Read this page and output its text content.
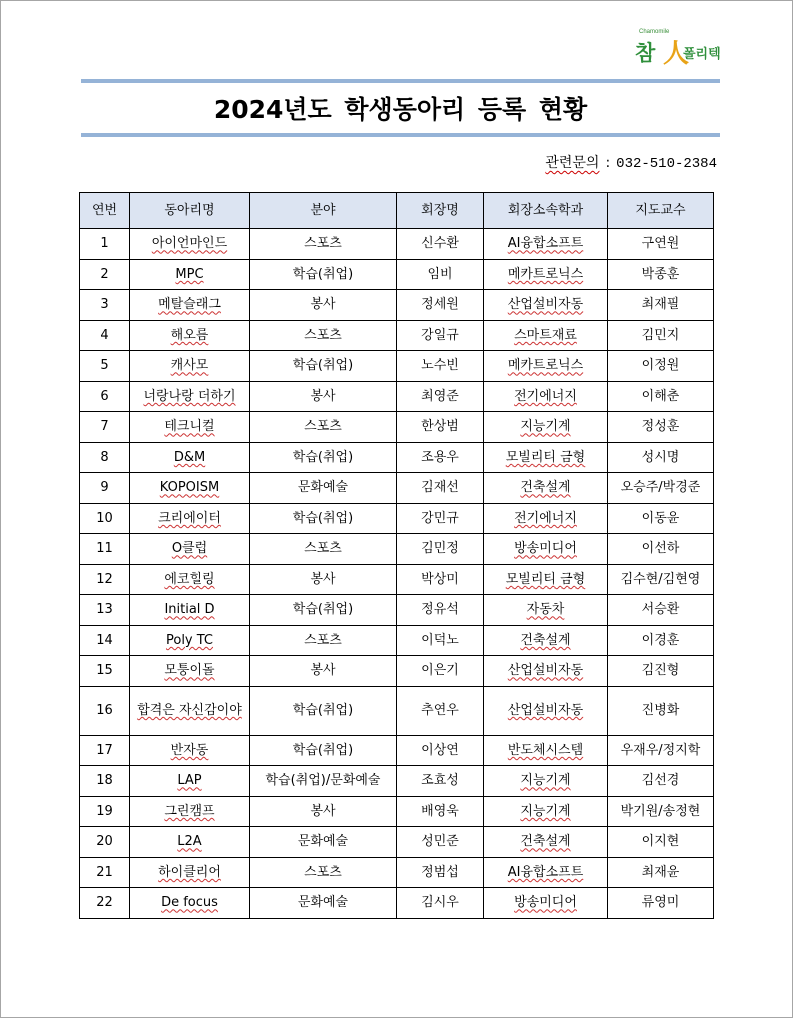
Chamomile
참 人
폴리텍
2024년도 학생동아리 등록 현황
관련문의 : 032-510-2384
연번	동아리명	분야	회장명	회장소속학과	지도교수
1	아이언마인드	스포츠	신수환	AI융합소프트	구연원
2	MPC	학습(취업)	임비	메카트로닉스	박종훈
3	메탈슬래그	봉사	정세원	산업설비자동	최재필
4	해오름	스포츠	강일규	스마트재료	김민지
5	캐사모	학습(취업)	노수빈	메카트로닉스	이정원
6	너랑나랑 더하기	봉사	최영준	전기에너지	이해춘
7	테크니컬	스포츠	한상범	지능기계	정성훈
8	D&M	학습(취업)	조용우	모빌리티 금형	성시명
9	KOPOISM	문화예술	김재선	건축설계	오승주/박경준
10	크리에이터	학습(취업)	강민규	전기에너지	이동윤
11	O클럽	스포츠	김민정	방송미디어	이선하
12	에코힐링	봉사	박상미	모빌리티 금형	김수현/김현영
13	Initial D	학습(취업)	정유석	자동차	서승환
14	Poly TC	스포츠	이덕노	건축설계	이경훈
15	모퉁이돌	봉사	이은기	산업설비자동	김진형
16	합격은 자신감이야	학습(취업)	추연우	산업설비자동	진병화
17	반자동	학습(취업)	이상연	반도체시스템	우재우/정지학
18	LAP	학습(취업)/문화예술	조효성	지능기계	김선경
19	그린캠프	봉사	배영욱	지능기계	박기원/송정현
20	L2A	문화예술	성민준	건축설계	이지현
21	하이클리어	스포츠	정범섭	AI융합소프트	최재윤
22	De focus	문화예술	김시우	방송미디어	류영미
